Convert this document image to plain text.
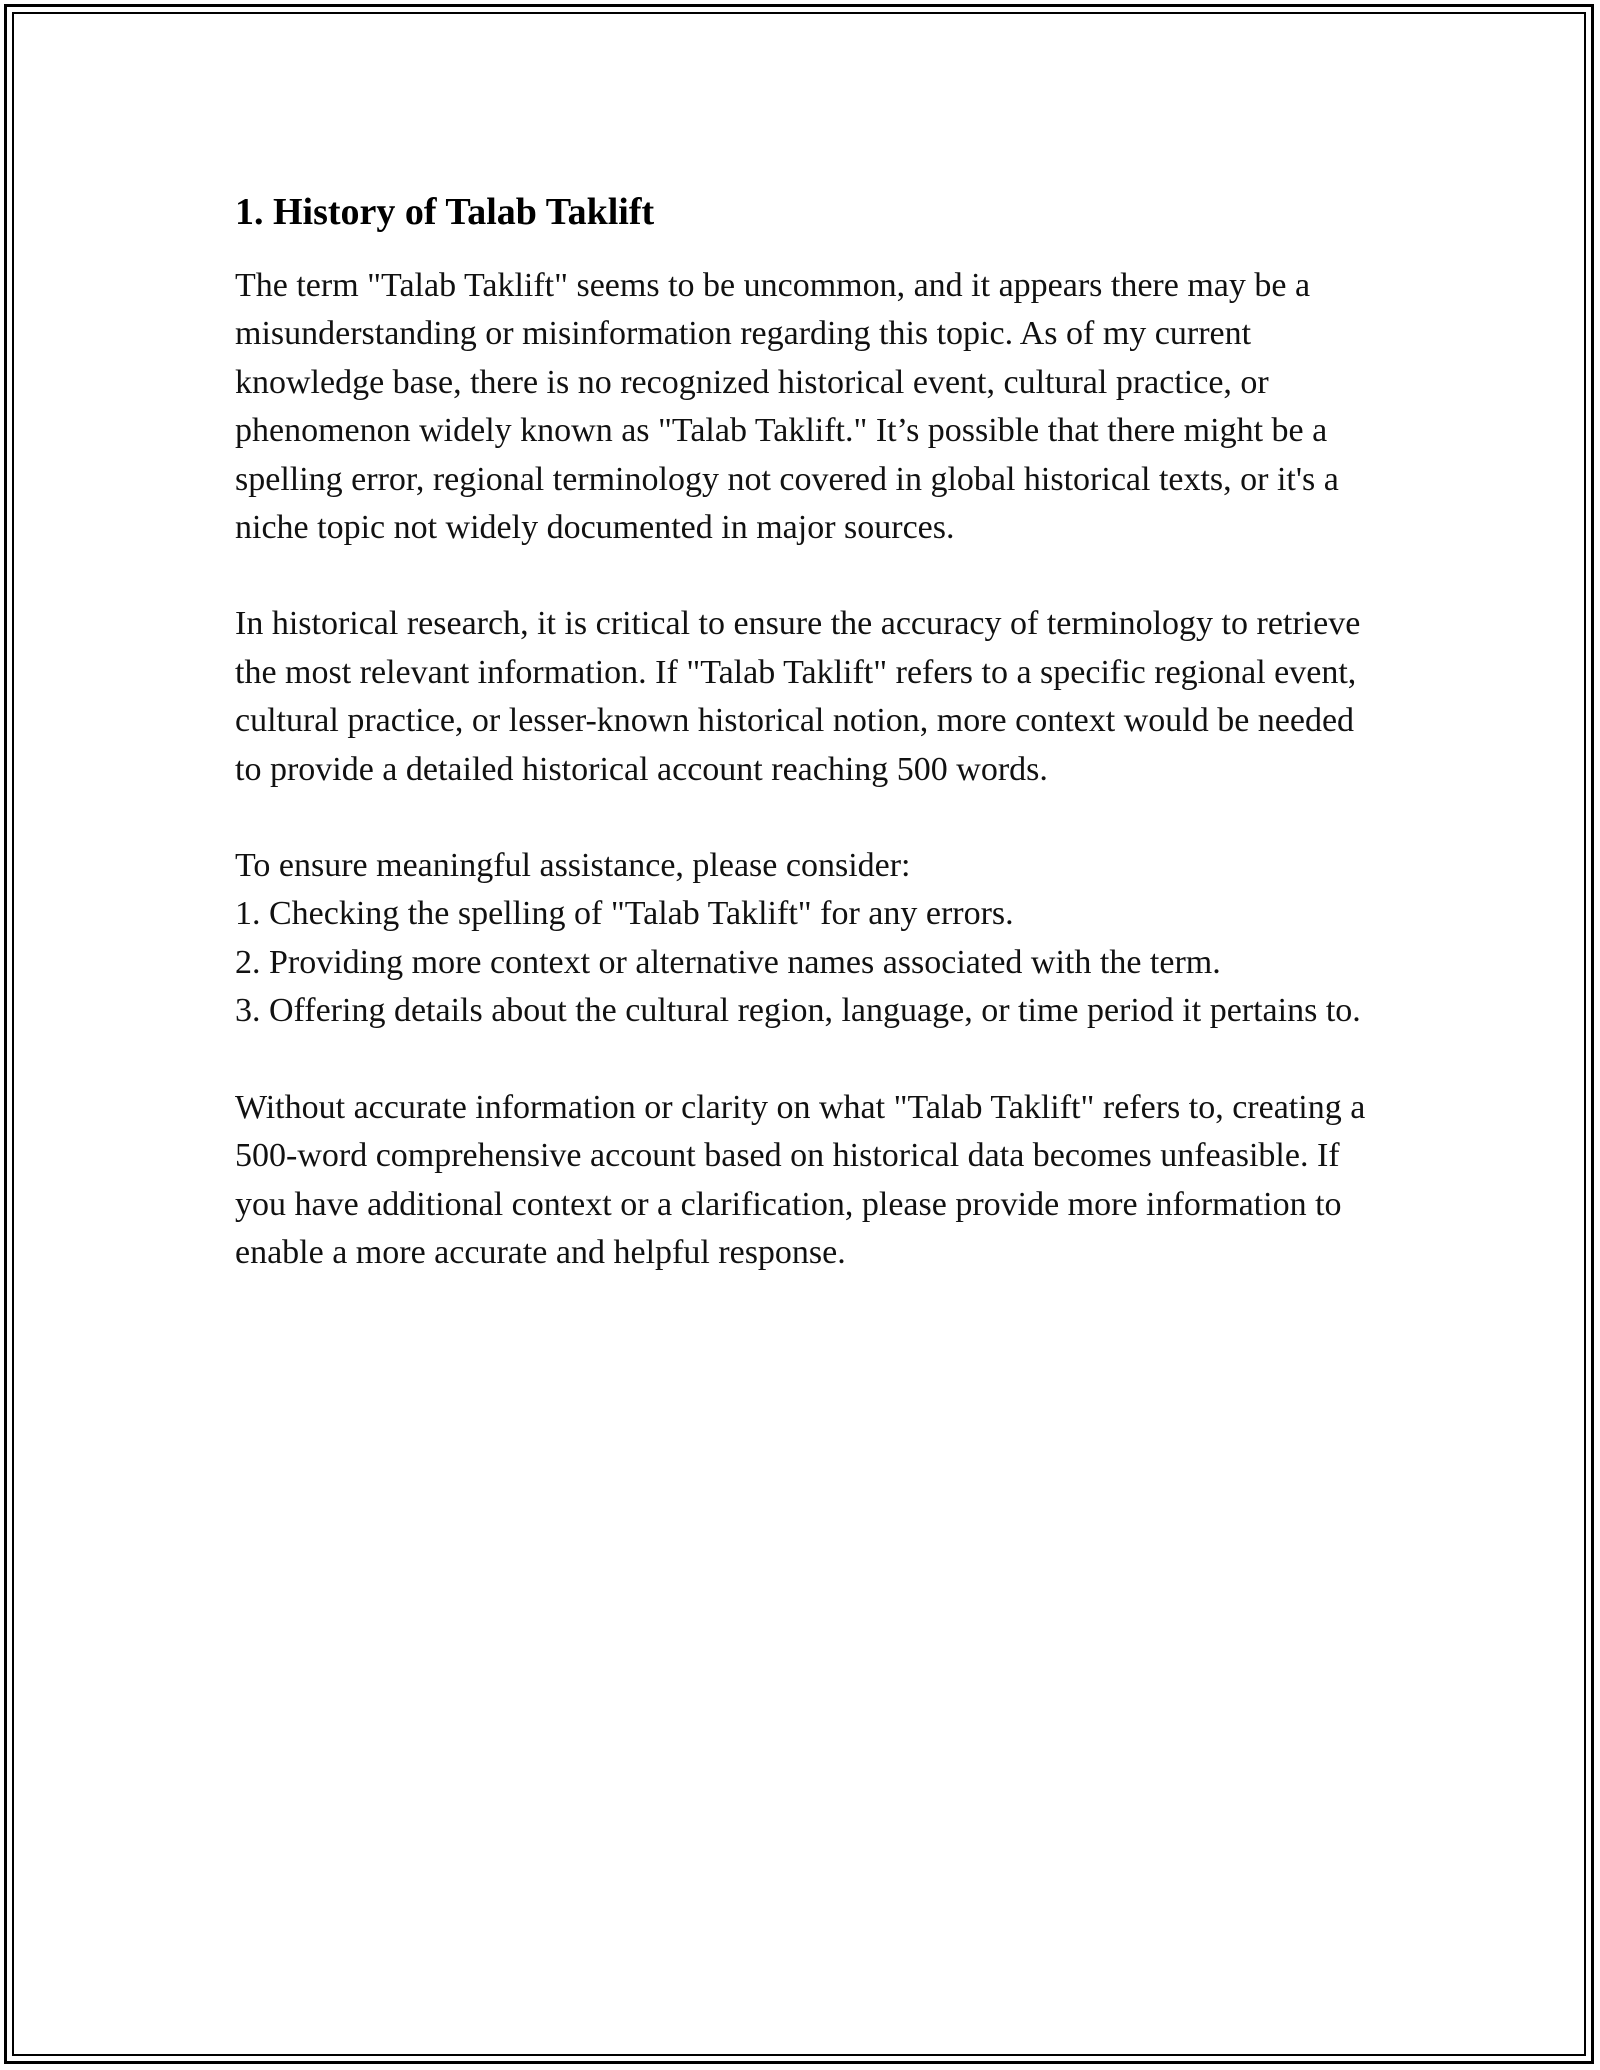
1. History of Talab Taklift

The term "Talab Taklift" seems to be uncommon, and it appears there may be a misunderstanding or misinformation regarding this topic. As of my current knowledge base, there is no recognized historical event, cultural practice, or phenomenon widely known as "Talab Taklift." It’s possible that there might be a spelling error, regional terminology not covered in global historical texts, or it's a niche topic not widely documented in major sources.

In historical research, it is critical to ensure the accuracy of terminology to retrieve the most relevant information. If "Talab Taklift" refers to a specific regional event, cultural practice, or lesser-known historical notion, more context would be needed to provide a detailed historical account reaching 500 words.

To ensure meaningful assistance, please consider:
1. Checking the spelling of "Talab Taklift" for any errors.
2. Providing more context or alternative names associated with the term.
3. Offering details about the cultural region, language, or time period it pertains to.

Without accurate information or clarity on what "Talab Taklift" refers to, creating a 500-word comprehensive account based on historical data becomes unfeasible. If you have additional context or a clarification, please provide more information to enable a more accurate and helpful response.
